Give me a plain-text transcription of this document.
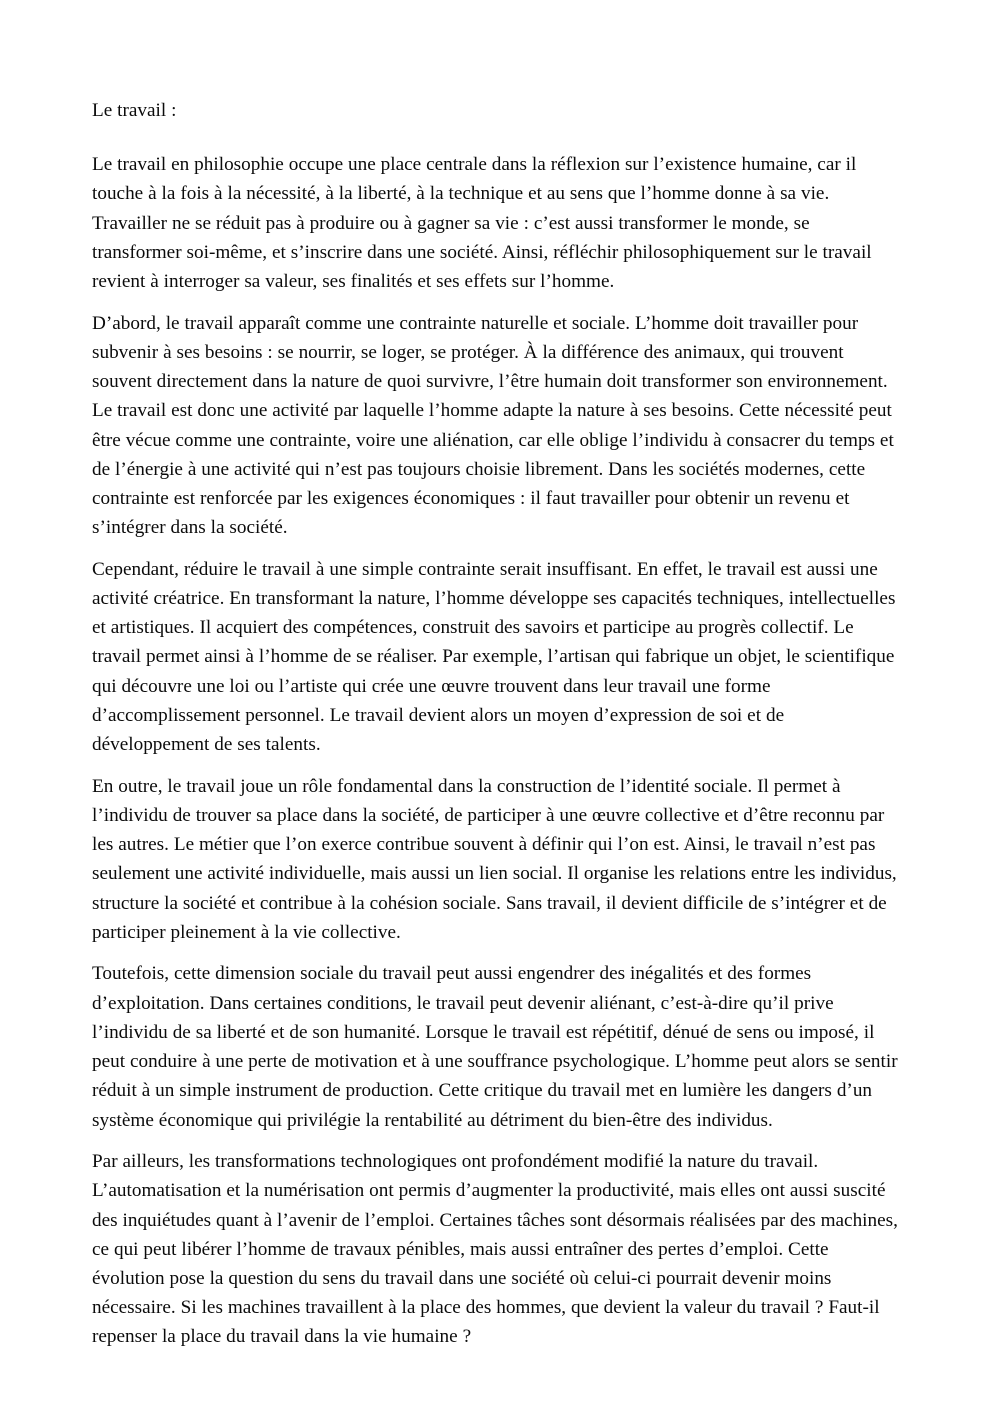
Le travail :

Le travail en philosophie occupe une place centrale dans la réflexion sur l’existence humaine, car il touche à la fois à la nécessité, à la liberté, à la technique et au sens que l’homme donne à sa vie. Travailler ne se réduit pas à produire ou à gagner sa vie : c’est aussi transformer le monde, se transformer soi-même, et s’inscrire dans une société. Ainsi, réfléchir philosophiquement sur le travail revient à interroger sa valeur, ses finalités et ses effets sur l’homme.

D’abord, le travail apparaît comme une contrainte naturelle et sociale. L’homme doit travailler pour subvenir à ses besoins : se nourrir, se loger, se protéger. À la différence des animaux, qui trouvent souvent directement dans la nature de quoi survivre, l’être humain doit transformer son environnement. Le travail est donc une activité par laquelle l’homme adapte la nature à ses besoins. Cette nécessité peut être vécue comme une contrainte, voire une aliénation, car elle oblige l’individu à consacrer du temps et de l’énergie à une activité qui n’est pas toujours choisie librement. Dans les sociétés modernes, cette contrainte est renforcée par les exigences économiques : il faut travailler pour obtenir un revenu et s’intégrer dans la société.

Cependant, réduire le travail à une simple contrainte serait insuffisant. En effet, le travail est aussi une activité créatrice. En transformant la nature, l’homme développe ses capacités techniques, intellectuelles et artistiques. Il acquiert des compétences, construit des savoirs et participe au progrès collectif. Le travail permet ainsi à l’homme de se réaliser. Par exemple, l’artisan qui fabrique un objet, le scientifique qui découvre une loi ou l’artiste qui crée une œuvre trouvent dans leur travail une forme d’accomplissement personnel. Le travail devient alors un moyen d’expression de soi et de développement de ses talents.

En outre, le travail joue un rôle fondamental dans la construction de l’identité sociale. Il permet à l’individu de trouver sa place dans la société, de participer à une œuvre collective et d’être reconnu par les autres. Le métier que l’on exerce contribue souvent à définir qui l’on est. Ainsi, le travail n’est pas seulement une activité individuelle, mais aussi un lien social. Il organise les relations entre les individus, structure la société et contribue à la cohésion sociale. Sans travail, il devient difficile de s’intégrer et de participer pleinement à la vie collective.

Toutefois, cette dimension sociale du travail peut aussi engendrer des inégalités et des formes d’exploitation. Dans certaines conditions, le travail peut devenir aliénant, c’est-à-dire qu’il prive l’individu de sa liberté et de son humanité. Lorsque le travail est répétitif, dénué de sens ou imposé, il peut conduire à une perte de motivation et à une souffrance psychologique. L’homme peut alors se sentir réduit à un simple instrument de production. Cette critique du travail met en lumière les dangers d’un système économique qui privilégie la rentabilité au détriment du bien-être des individus.

Par ailleurs, les transformations technologiques ont profondément modifié la nature du travail. L’automatisation et la numérisation ont permis d’augmenter la productivité, mais elles ont aussi suscité des inquiétudes quant à l’avenir de l’emploi. Certaines tâches sont désormais réalisées par des machines, ce qui peut libérer l’homme de travaux pénibles, mais aussi entraîner des pertes d’emploi. Cette évolution pose la question du sens du travail dans une société où celui-ci pourrait devenir moins nécessaire. Si les machines travaillent à la place des hommes, que devient la valeur du travail ? Faut-il repenser la place du travail dans la vie humaine ?
